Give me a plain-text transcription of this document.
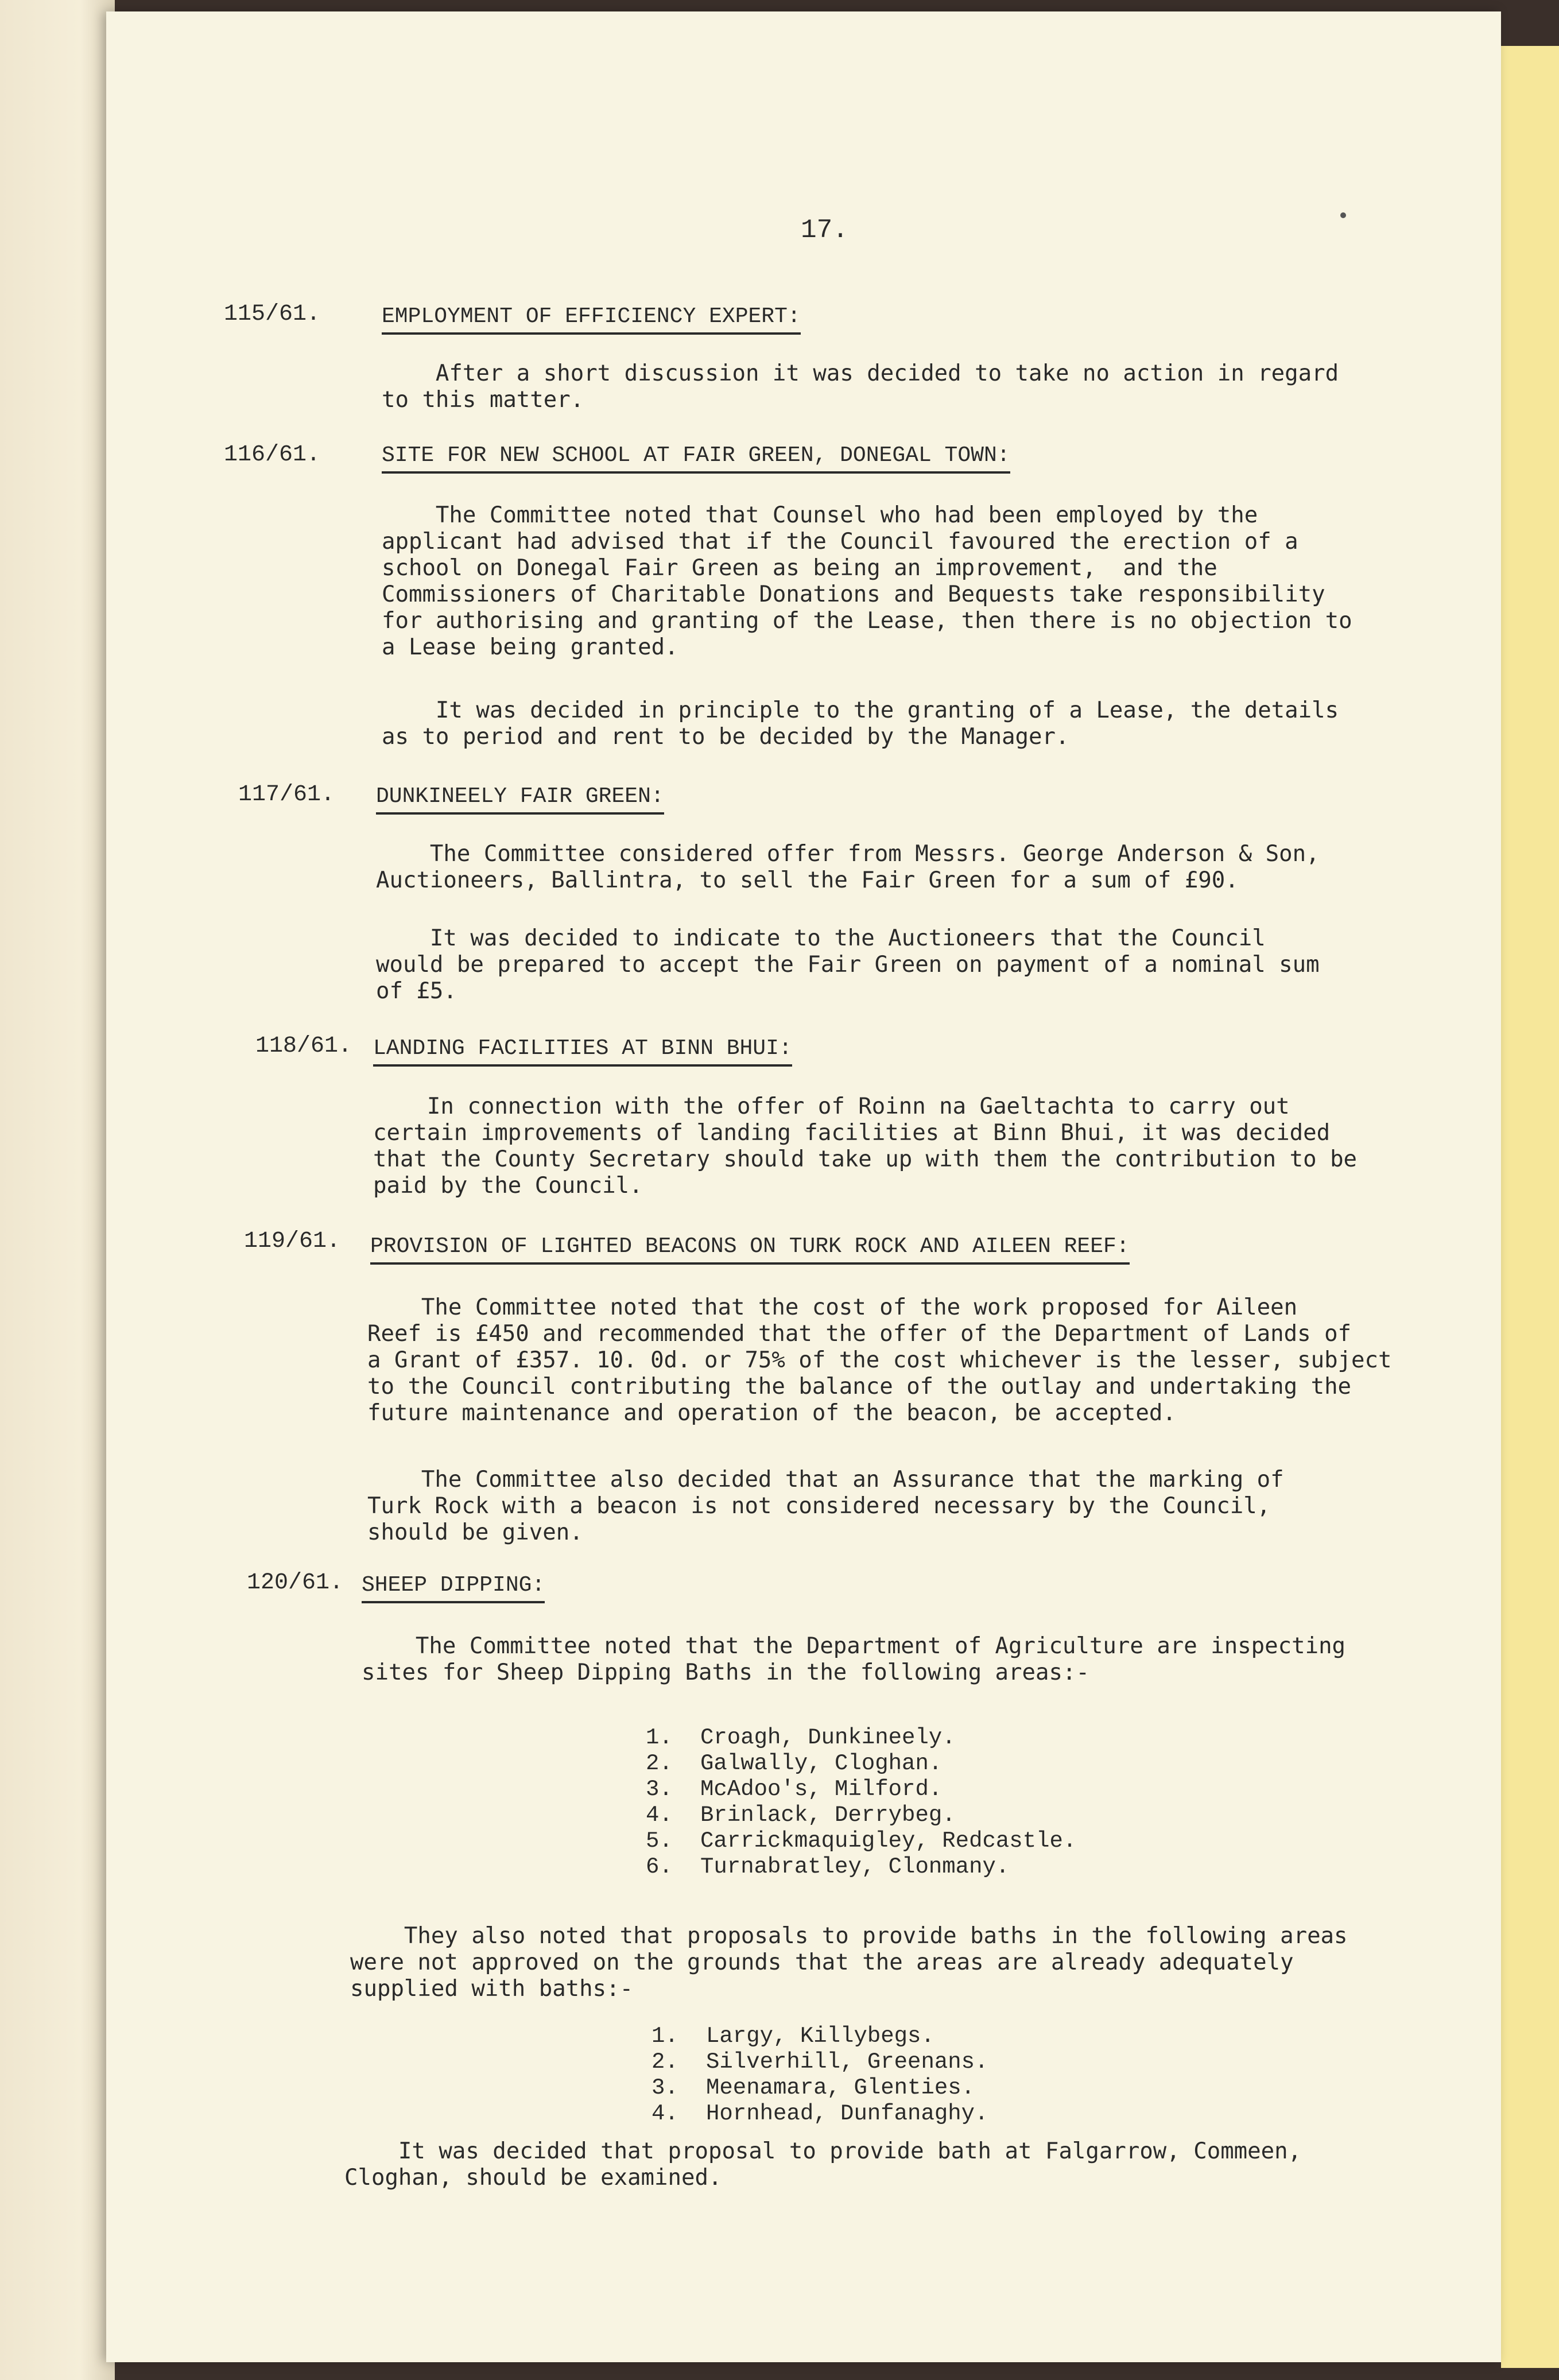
17.
115/61.	EMPLOYMENT OF EFFICIENCY EXPERT:
After a short discussion it was decided to take no action in regard
to this matter.
116/61.	SITE FOR NEW SCHOOL AT FAIR GREEN, DONEGAL TOWN:
The Committee noted that Counsel who had been employed by the
applicant had advised that if the Council favoured the erection of a
school on Donegal Fair Green as being an improvement,  and the
Commissioners of Charitable Donations and Bequests take responsibility
for authorising and granting of the Lease, then there is no objection to
a Lease being granted.
It was decided in principle to the granting of a Lease, the details
as to period and rent to be decided by the Manager.
117/61. DUNKINEELY FAIR GREEN:
The Committee considered offer from Messrs. George Anderson & Son,
Auctioneers, Ballintra, to sell the Fair Green for a sum of £90.
It was decided to indicate to the Auctioneers that the Council
would be prepared to accept the Fair Green on payment of a nominal sum
of £5.
118/61. LANDING FACILITIES AT BINN BHUI:
In connection with the offer of Roinn na Gaeltachta to carry out
certain improvements of landing facilities at Binn Bhui, it was decided
that the County Secretary should take up with them the contribution to be
paid by the Council.
119/61. PROVISION OF LIGHTED BEACONS ON TURK ROCK AND AILEEN REEF:
The Committee noted that the cost of the work proposed for Aileen
Reef is £450 and recommended that the offer of the Department of Lands of
a Grant of £357. 10. 0d. or 75% of the cost whichever is the lesser, subject
to the Council contributing the balance of the outlay and undertaking the
future maintenance and operation of the beacon, be accepted.
The Committee also decided that an Assurance that the marking of
Turk Rock with a beacon is not considered necessary by the Council,
should be given.
120/61. SHEEP DIPPING:
The Committee noted that the Department of Agriculture are inspecting
sites for Sheep Dipping Baths in the following areas:-
1.	Croagh, Dunkineely.
2.	Galwally, Cloghan.
3.	McAdoo's, Milford.
4.	Brinlack, Derrybeg.
5.	Carrickmaquigley, Redcastle.
6.	Turnabratley, Clonmany.
They also noted that proposals to provide baths in the following areas
were not approved on the grounds that the areas are already adequately
supplied with baths:-
1.	Largy, Killybegs.
2.	Silverhill, Greenans.
3.	Meenamara, Glenties.
4.	Hornhead, Dunfanaghy.
It was decided that proposal to provide bath at Falgarrow, Commeen,
Cloghan, should be examined.
